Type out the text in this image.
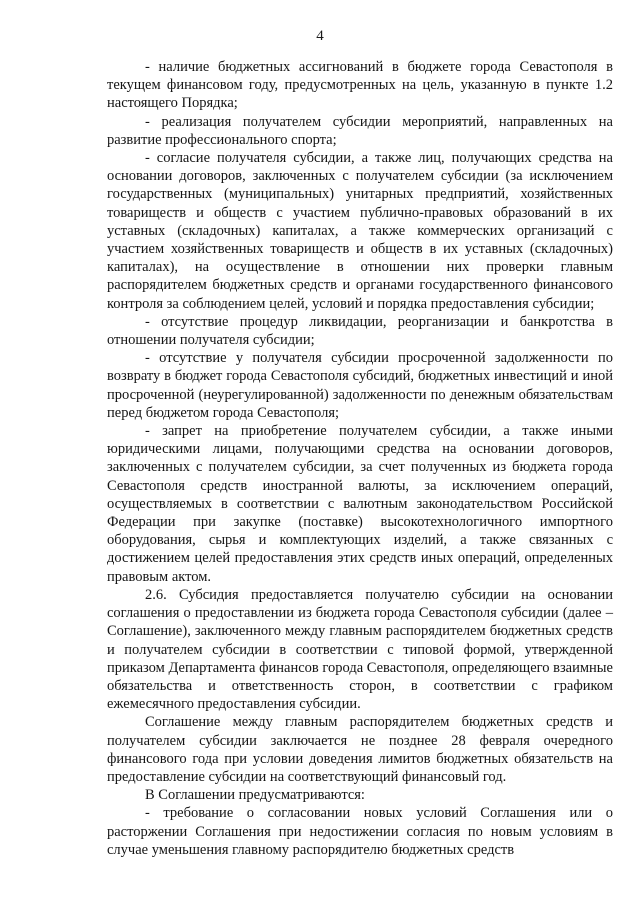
4

- наличие бюджетных ассигнований в бюджете города Севастополя в текущем финансовом году, предусмотренных на цель, указанную в пункте 1.2 настоящего Порядка;

- реализация получателем субсидии мероприятий, направленных на развитие профессионального спорта;

- согласие получателя субсидии, а также лиц, получающих средства на основании договоров, заключенных с получателем субсидии (за исключением государственных (муниципальных) унитарных предприятий, хозяйственных товариществ и обществ с участием публично-правовых образований в их уставных (складочных) капиталах, а также коммерческих организаций с участием хозяйственных товариществ и обществ в их уставных (складочных) капиталах), на осуществление в отношении них проверки главным распорядителем бюджетных средств и органами государственного финансового контроля за соблюдением целей, условий и порядка предоставления субсидии;

- отсутствие процедур ликвидации, реорганизации и банкротства в отношении получателя субсидии;

- отсутствие у получателя субсидии просроченной задолженности по возврату в бюджет города Севастополя субсидий, бюджетных инвестиций и иной просроченной (неурегулированной) задолженности по денежным обязательствам перед бюджетом города Севастополя;

- запрет на приобретение получателем субсидии, а также иными юридическими лицами, получающими средства на основании договоров, заключенных с получателем субсидии, за счет полученных из бюджета города Севастополя средств иностранной валюты, за исключением операций, осуществляемых в соответствии с валютным законодательством Российской Федерации при закупке (поставке) высокотехнологичного импортного оборудования, сырья и комплектующих изделий, а также связанных с достижением целей предоставления этих средств иных операций, определенных правовым актом.

2.6. Субсидия предоставляется получателю субсидии на основании соглашения о предоставлении из бюджета города Севастополя субсидии (далее – Соглашение), заключенного между главным распорядителем бюджетных средств и получателем субсидии в соответствии с типовой формой, утвержденной приказом Департамента финансов города Севастополя, определяющего взаимные обязательства и ответственность сторон, в соответствии с графиком ежемесячного предоставления субсидии.

Соглашение между главным распорядителем бюджетных средств и получателем субсидии заключается не позднее 28 февраля очередного финансового года при условии доведения лимитов бюджетных обязательств на предоставление субсидии на соответствующий финансовый год.

В Соглашении предусматриваются:

- требование о согласовании новых условий Соглашения или о расторжении Соглашения при недостижении согласия по новым условиям в случае уменьшения главному распорядителю бюджетных средств
